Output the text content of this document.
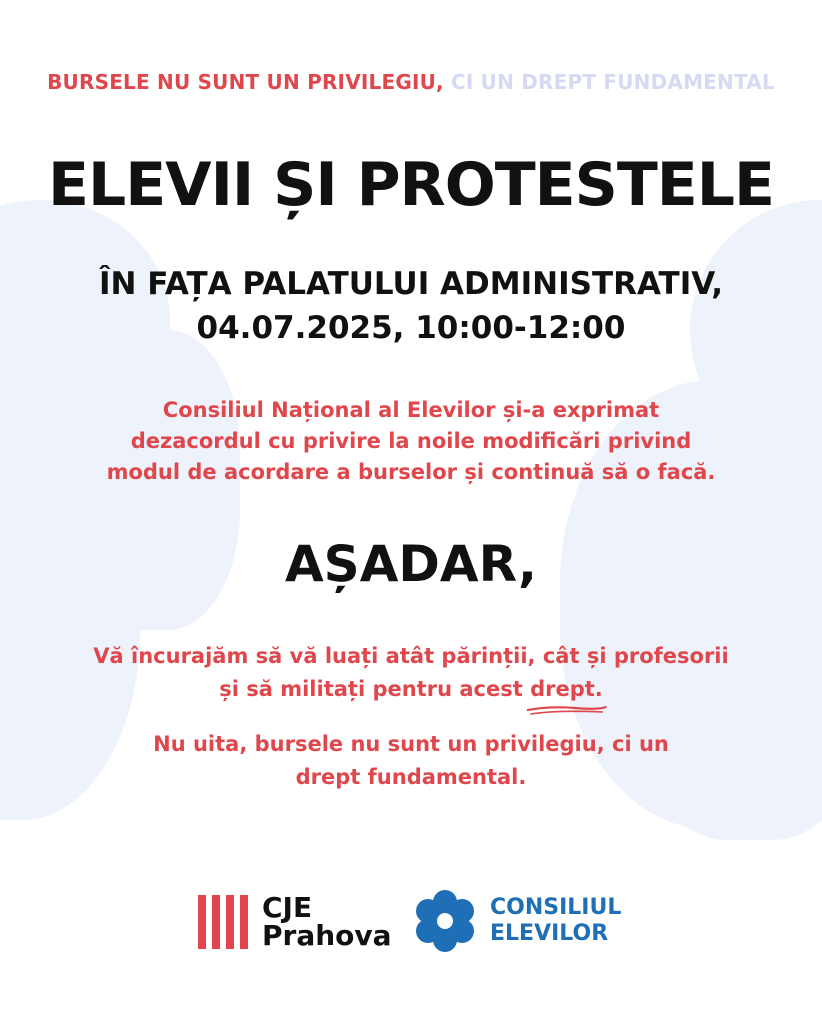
BURSELE NU SUNT UN PRIVILEGIU, CI UN DREPT FUNDAMENTAL
ELEVII ȘI PROTESTELE
ÎN FAȚA PALATULUI ADMINISTRATIV,
04.07.2025, 10:00-12:00
Consiliul Național al Elevilor și-a exprimat
dezacordul cu privire la noile modificări privind
modul de acordare a burselor și continuă să o facă.
AȘADAR,
Vă încurajăm să vă luați atât părinții, cât și profesorii
și să militați pentru acest drept.
Nu uita, bursele nu sunt un privilegiu, ci un
drept fundamental.
CJE
Prahova
CONSILIUL
ELEVILOR
